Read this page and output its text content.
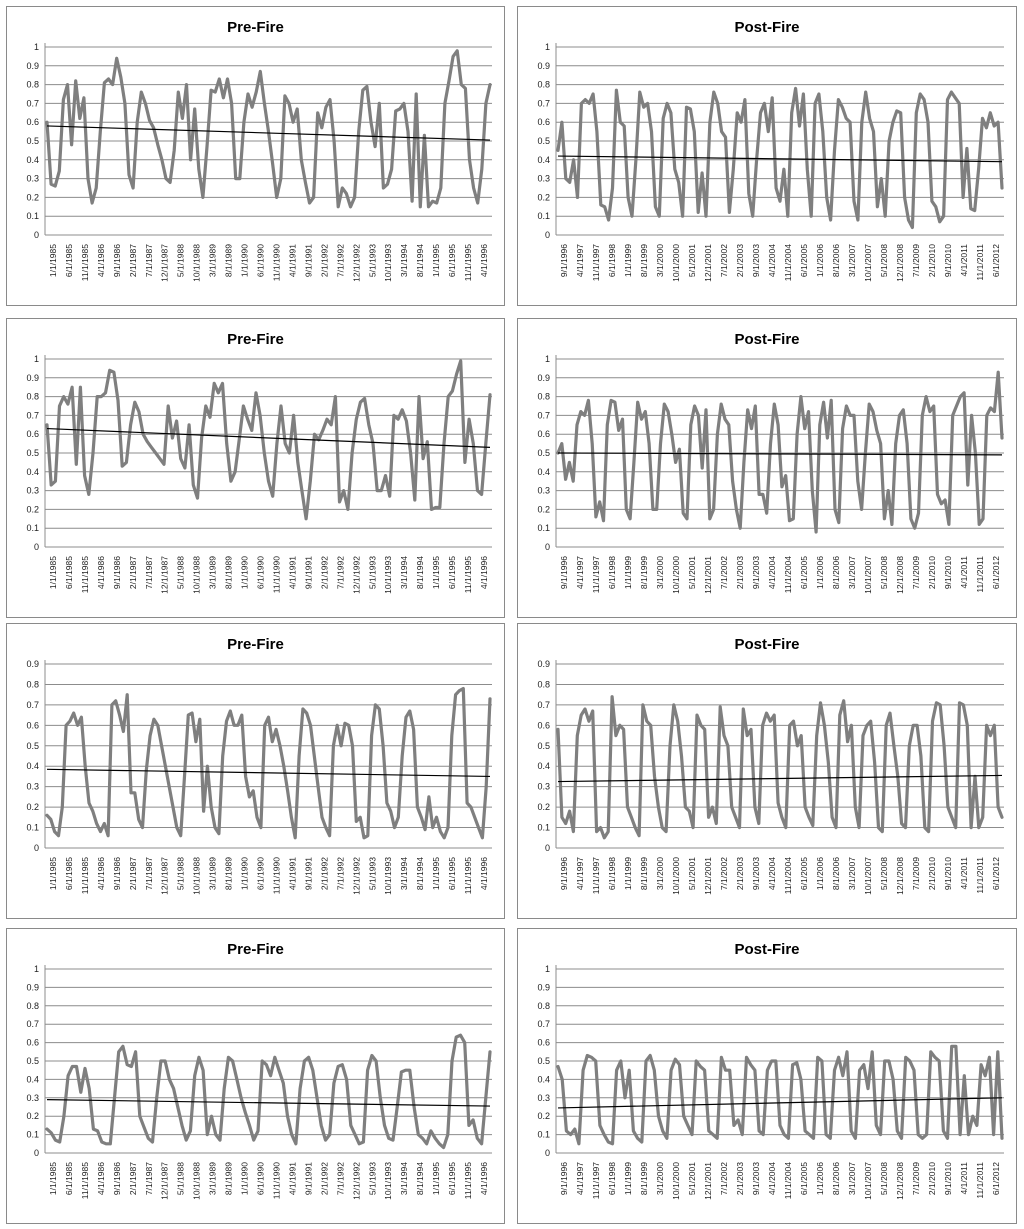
Pre-Fire
0
0.1
0.2
0.3
0.4
0.5
0.6
0.7
0.8
0.9
1
1/1/1985 6/1/1985 11/1/1985 4/1/1986 9/1/1986 2/1/1987 7/1/1987 12/1/1987 5/1/1988 10/1/1988 3/1/1989 8/1/1989 1/1/1990 6/1/1990 11/1/1990 4/1/1991 9/1/1991 2/1/1992 7/1/1992 12/1/1992 5/1/1993 10/1/1993 3/1/1994 8/1/1994 1/1/1995 6/1/1995 11/1/1995 4/1/1996
Post-Fire
0
0.1
0.2
0.3
0.4
0.5
0.6
0.7
0.8
0.9
1
9/1/1996 4/1/1997 11/1/1997 6/1/1998 1/1/1999 8/1/1999 3/1/2000 10/1/2000 5/1/2001 12/1/2001 7/1/2002 2/1/2003 9/1/2003 4/1/2004 11/1/2004 6/1/2005 1/1/2006 8/1/2006 3/1/2007 10/1/2007 5/1/2008 12/1/2008 7/1/2009 2/1/2010 9/1/2010 4/1/2011 11/1/2011 6/1/2012
Pre-Fire
0
0.1
0.2
0.3
0.4
0.5
0.6
0.7
0.8
0.9
1
1/1/1985 6/1/1985 11/1/1985 4/1/1986 9/1/1986 2/1/1987 7/1/1987 12/1/1987 5/1/1988 10/1/1988 3/1/1989 8/1/1989 1/1/1990 6/1/1990 11/1/1990 4/1/1991 9/1/1991 2/1/1992 7/1/1992 12/1/1992 5/1/1993 10/1/1993 3/1/1994 8/1/1994 1/1/1995 6/1/1995 11/1/1995 4/1/1996
Post-Fire
0
0.1
0.2
0.3
0.4
0.5
0.6
0.7
0.8
0.9
1
9/1/1996 4/1/1997 11/1/1997 6/1/1998 1/1/1999 8/1/1999 3/1/2000 10/1/2000 5/1/2001 12/1/2001 7/1/2002 2/1/2003 9/1/2003 4/1/2004 11/1/2004 6/1/2005 1/1/2006 8/1/2006 3/1/2007 10/1/2007 5/1/2008 12/1/2008 7/1/2009 2/1/2010 9/1/2010 4/1/2011 11/1/2011 6/1/2012
Pre-Fire
0
0.1
0.2
0.3
0.4
0.5
0.6
0.7
0.8
0.9
1/1/1985 6/1/1985 11/1/1985 4/1/1986 9/1/1986 2/1/1987 7/1/1987 12/1/1987 5/1/1988 10/1/1988 3/1/1989 8/1/1989 1/1/1990 6/1/1990 11/1/1990 4/1/1991 9/1/1991 2/1/1992 7/1/1992 12/1/1992 5/1/1993 10/1/1993 3/1/1994 8/1/1994 1/1/1995 6/1/1995 11/1/1995 4/1/1996
Post-Fire
0
0.1
0.2
0.3
0.4
0.5
0.6
0.7
0.8
0.9
9/1/1996 4/1/1997 11/1/1997 6/1/1998 1/1/1999 8/1/1999 3/1/2000 10/1/2000 5/1/2001 12/1/2001 7/1/2002 2/1/2003 9/1/2003 4/1/2004 11/1/2004 6/1/2005 1/1/2006 8/1/2006 3/1/2007 10/1/2007 5/1/2008 12/1/2008 7/1/2009 2/1/2010 9/1/2010 4/1/2011 11/1/2011 6/1/2012
Pre-Fire
0
0.1
0.2
0.3
0.4
0.5
0.6
0.7
0.8
0.9
1
1/1/1985 6/1/1985 11/1/1985 4/1/1986 9/1/1986 2/1/1987 7/1/1987 12/1/1987 5/1/1988 10/1/1988 3/1/1989 8/1/1989 1/1/1990 6/1/1990 11/1/1990 4/1/1991 9/1/1991 2/1/1992 7/1/1992 12/1/1992 5/1/1993 10/1/1993 3/1/1994 8/1/1994 1/1/1995 6/1/1995 11/1/1995 4/1/1996
Post-Fire
0
0.1
0.2
0.3
0.4
0.5
0.6
0.7
0.8
0.9
1
9/1/1996 4/1/1997 11/1/1997 6/1/1998 1/1/1999 8/1/1999 3/1/2000 10/1/2000 5/1/2001 12/1/2001 7/1/2002 2/1/2003 9/1/2003 4/1/2004 11/1/2004 6/1/2005 1/1/2006 8/1/2006 3/1/2007 10/1/2007 5/1/2008 12/1/2008 7/1/2009 2/1/2010 9/1/2010 4/1/2011 11/1/2011 6/1/2012
